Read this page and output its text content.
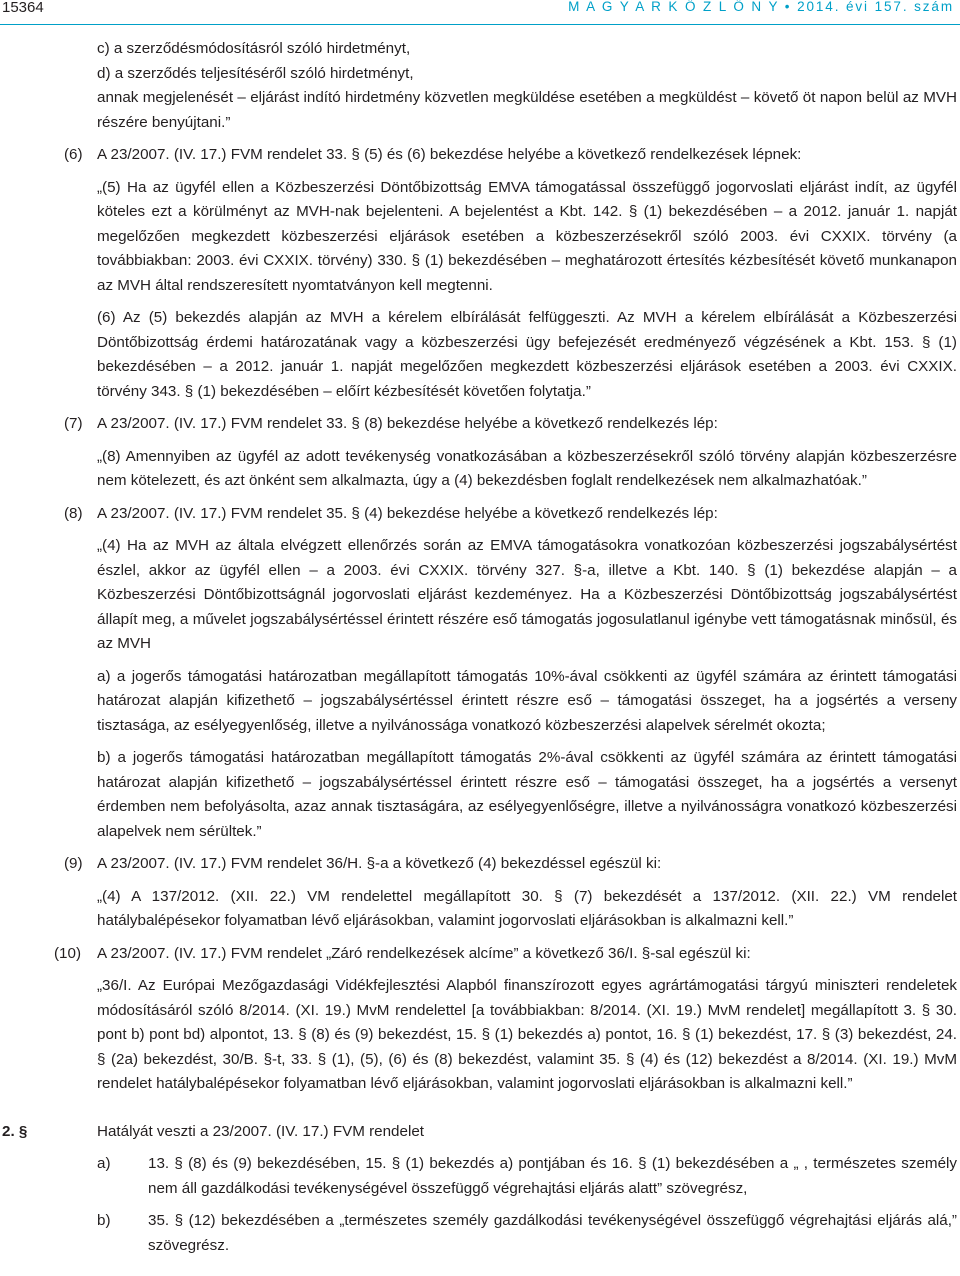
15364	M A G Y A R K Ö Z L Ö N Y • 2014. évi 157. szám
c) a szerződésmódosításról szóló hirdetményt,
d) a szerződés teljesítéséről szóló hirdetményt,
annak megjelenését – eljárást indító hirdetmény közvetlen megküldése esetében a megküldést – követő öt napon belül az MVH részére benyújtani.”
(6) A 23/2007. (IV. 17.) FVM rendelet 33. § (5) és (6) bekezdése helyébe a következő rendelkezések lépnek:
„(5) Ha az ügyfél ellen a Közbeszerzési Döntőbizottság EMVA támogatással összefüggő jogorvoslati eljárást indít, az ügyfél köteles ezt a körülményt az MVH-nak bejelenteni. A bejelentést a Kbt. 142. § (1) bekezdésében – a 2012. január 1. napját megelőzően megkezdett közbeszerzési eljárások esetében a közbeszerzésekről szóló 2003. évi CXXIX. törvény (a továbbiakban: 2003. évi CXXIX. törvény) 330. § (1) bekezdésében – meghatározott értesítés kézbesítését követő munkanapon az MVH által rendszeresített nyomtatványon kell megtenni.
(6) Az (5) bekezdés alapján az MVH a kérelem elbírálását felfüggeszti. Az MVH a kérelem elbírálását a Közbeszerzési Döntőbizottság érdemi határozatának vagy a közbeszerzési ügy befejezését eredményező végzésének a Kbt. 153. § (1) bekezdésében – a 2012. január 1. napját megelőzően megkezdett közbeszerzési eljárások esetében a 2003. évi CXXIX. törvény 343. § (1) bekezdésében – előírt kézbesítését követően folytatja.”
(7) A 23/2007. (IV. 17.) FVM rendelet 33. § (8) bekezdése helyébe a következő rendelkezés lép:
„(8) Amennyiben az ügyfél az adott tevékenység vonatkozásában a közbeszerzésekről szóló törvény alapján közbeszerzésre nem kötelezett, és azt önként sem alkalmazta, úgy a (4) bekezdésben foglalt rendelkezések nem alkalmazhatóak.”
(8) A 23/2007. (IV. 17.) FVM rendelet 35. § (4) bekezdése helyébe a következő rendelkezés lép:
„(4) Ha az MVH az általa elvégzett ellenőrzés során az EMVA támogatásokra vonatkozóan közbeszerzési jogszabálysértést észlel, akkor az ügyfél ellen – a 2003. évi CXXIX. törvény 327. §-a, illetve a Kbt. 140. § (1) bekezdése alapján – a Közbeszerzési Döntőbizottságnál jogorvoslati eljárást kezdeményez. Ha a Közbeszerzési Döntőbizottság jogszabálysértést állapít meg, a művelet jogszabálysértéssel érintett részére eső támogatás jogosulatlanul igénybe vett támogatásnak minősül, és az MVH
a) a jogerős támogatási határozatban megállapított támogatás 10%-ával csökkenti az ügyfél számára az érintett támogatási határozat alapján kifizethető – jogszabálysértéssel érintett részre eső – támogatási összeget, ha a jogsértés a verseny tisztasága, az esélyegyenlőség, illetve a nyilvánossága vonatkozó közbeszerzési alapelvek sérelmét okozta;
b) a jogerős támogatási határozatban megállapított támogatás 2%-ával csökkenti az ügyfél számára az érintett támogatási határozat alapján kifizethető – jogszabálysértéssel érintett részre eső – támogatási összeget, ha a jogsértés a versenyt érdemben nem befolyásolta, azaz annak tisztaságára, az esélyegyenlőségre, illetve a nyilvánosságra vonatkozó közbeszerzési alapelvek nem sérültek.”
(9) A 23/2007. (IV. 17.) FVM rendelet 36/H. §-a a következő (4) bekezdéssel egészül ki:
„(4) A 137/2012. (XII. 22.) VM rendelettel megállapított 30. § (7) bekezdését a 137/2012. (XII. 22.) VM rendelet hatálybalépésekor folyamatban lévő eljárásokban, valamint jogorvoslati eljárásokban is alkalmazni kell.”
(10) A 23/2007. (IV. 17.) FVM rendelet „Záró rendelkezések alcíme” a következő 36/I. §-sal egészül ki:
„36/I. Az Európai Mezőgazdasági Vidékfejlesztési Alapból finanszírozott egyes agrártámogatási tárgyú miniszteri rendeletek módosításáról szóló 8/2014. (XI. 19.) MvM rendelettel [a továbbiakban: 8/2014. (XI. 19.) MvM rendelet] megállapított 3. § 30. pont b) pont bd) alpontot, 13. § (8) és (9) bekezdést, 15. § (1) bekezdés a) pontot, 16. § (1) bekezdést, 17. § (3) bekezdést, 24. § (2a) bekezdést, 30/B. §-t, 33. § (1), (5), (6) és (8) bekezdést, valamint 35. § (4) és (12) bekezdést a 8/2014. (XI. 19.) MvM rendelet hatálybalépésekor folyamatban lévő eljárásokban, valamint jogorvoslati eljárásokban is alkalmazni kell.”
2. §	Hatályát veszti a 23/2007. (IV. 17.) FVM rendelet
a) 13. § (8) és (9) bekezdésében, 15. § (1) bekezdés a) pontjában és 16. § (1) bekezdésében a „ , természetes személy nem áll gazdálkodási tevékenységével összefüggő végrehajtási eljárás alatt” szövegrész,
b) 35. § (12) bekezdésében a „természetes személy gazdálkodási tevékenységével összefüggő végrehajtási eljárás alá,” szövegrész.
